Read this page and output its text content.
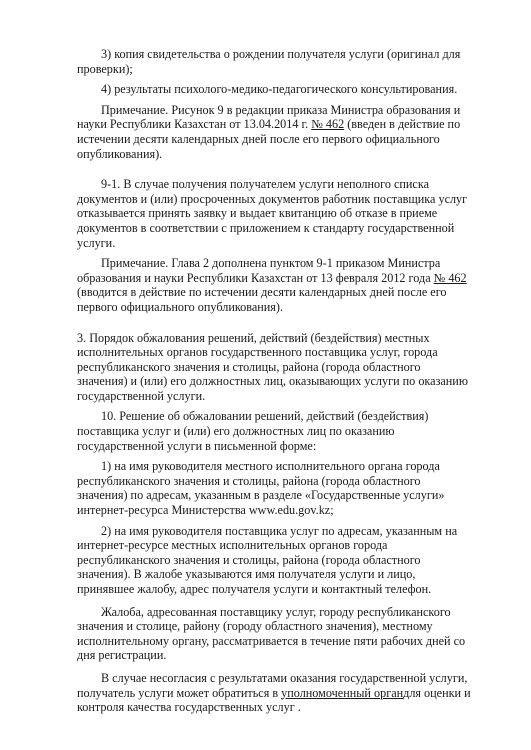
3) копия свидетельства о рождении получателя услуги (оригинал для проверки);

4) результаты психолого-медико-педагогического консультирования.

Примечание. Рисунок 9 в редакции приказа Министра образования и науки Республики Казахстан от 13.04.2014 г. № 462 (введен в действие по истечении десяти календарных дней после его первого официального опубликования).

9-1. В случае получения получателем услуги неполного списка документов и (или) просроченных документов работник поставщика услуг отказывается принять заявку и выдает квитанцию об отказе в приеме документов в соответствии с приложением к стандарту государственной услуги.

Примечание. Глава 2 дополнена пунктом 9-1 приказом Министра образования и науки Республики Казахстан от 13 февраля 2012 года № 462 (вводится в действие по истечении десяти календарных дней после его первого официального опубликования).

3. Порядок обжалования решений, действий (бездействия) местных исполнительных органов государственного поставщика услуг, города республиканского значения и столицы, района (города областного значения) и (или) его должностных лиц, оказывающих услуги по оказанию государственной услуги.

10. Решение об обжаловании решений, действий (бездействия) поставщика услуг и (или) его должностных лиц по оказанию государственной услуги в письменной форме:

1) на имя руководителя местного исполнительного органа города республиканского значения и столицы, района (города областного значения) по адресам, указанным в разделе «Государственные услуги» интернет-ресурса Министерства www.edu.gov.kz;

2) на имя руководителя поставщика услуг по адресам, указанным на интернет-ресурсе местных исполнительных органов города республиканского значения и столицы, района (города областного значения). В жалобе указываются имя получателя услуги и лицо, принявшее жалобу, адрес получателя услуги и контактный телефон.

Жалоба, адресованная поставщику услуг, городу республиканского значения и столице, району (городу областного значения), местному исполнительному органу, рассматривается в течение пяти рабочих дней со дня регистрации.

В случае несогласия с результатами оказания государственной услуги, получатель услуги может обратиться в уполномоченный органдля оценки и контроля качества государственных услуг .
